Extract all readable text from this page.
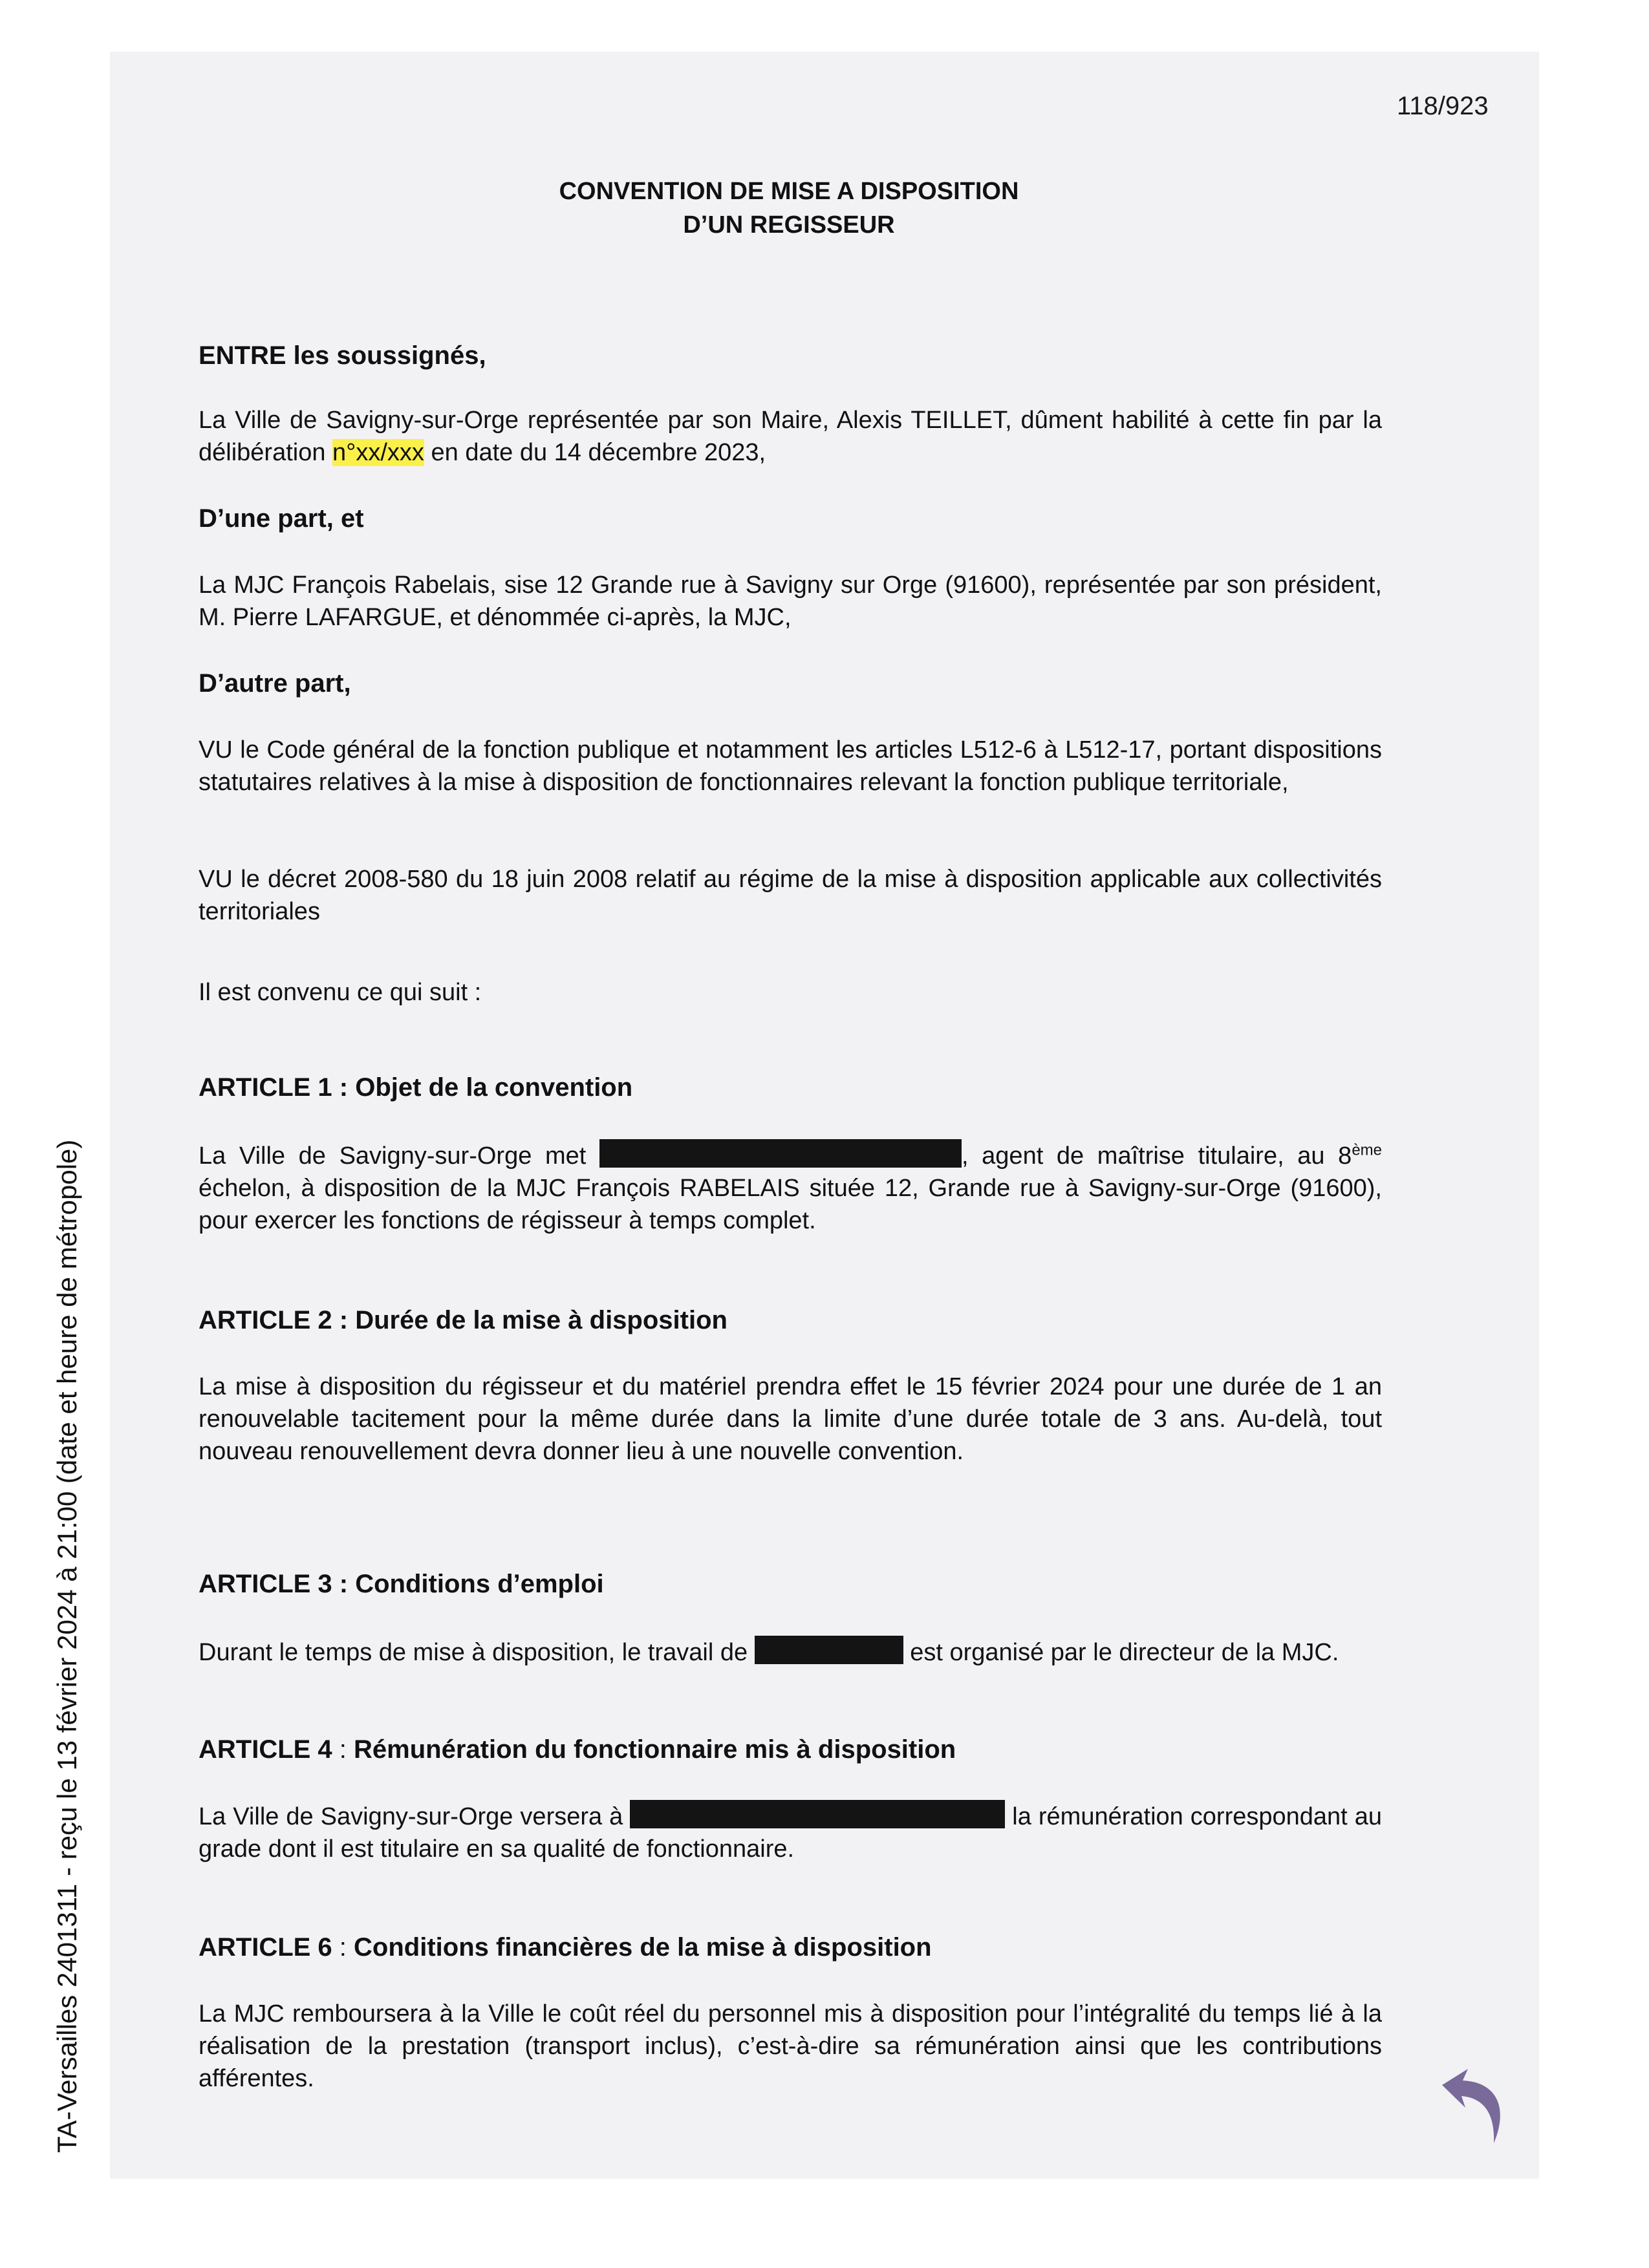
118/923
TA-Versailles 2401311 - reçu le 13 février 2024 à 21:00 (date et heure de métropole)
CONVENTION DE MISE A DISPOSITION
D’UN REGISSEUR
ENTRE les soussignés,
La Ville de Savigny-sur-Orge représentée par son Maire, Alexis TEILLET, dûment habilité à cette fin par la délibération n°xx/xxx en date du 14 décembre 2023,
D’une part, et
La MJC François Rabelais, sise 12 Grande rue à Savigny sur Orge (91600), représentée par son président, M. Pierre LAFARGUE, et dénommée ci-après, la MJC,
D’autre part,
VU le Code général de la fonction publique et notamment les articles L512-6 à L512-17, portant dispositions statutaires relatives à la mise à disposition de fonctionnaires relevant la fonction publique territoriale,
VU le décret 2008-580 du 18 juin 2008 relatif au régime de la mise à disposition applicable aux collectivités territoriales
Il est convenu ce qui suit :
ARTICLE 1 : Objet de la convention
La Ville de Savigny-sur-Orge met	, agent de maîtrise titulaire, au 8ème échelon, à disposition de la MJC François RABELAIS située 12, Grande rue à Savigny-sur-Orge (91600), pour exercer les fonctions de régisseur à temps complet.
ARTICLE 2 : Durée de la mise à disposition
La mise à disposition du régisseur et du matériel prendra effet le 15 février 2024 pour une durée de 1 an renouvelable tacitement pour la même durée dans la limite d’une durée totale de 3 ans. Au-delà, tout nouveau renouvellement devra donner lieu à une nouvelle convention.
ARTICLE 3 : Conditions d’emploi
Durant le temps de mise à disposition, le travail de	est organisé par le directeur de la MJC.
ARTICLE 4 : Rémunération du fonctionnaire mis à disposition
La Ville de Savigny-sur-Orge versera à	la rémunération correspondant au grade dont il est titulaire en sa qualité de fonctionnaire.
ARTICLE 6 : Conditions financières de la mise à disposition
La MJC remboursera à la Ville le coût réel du personnel mis à disposition pour l’intégralité du temps lié à la réalisation de la prestation (transport inclus), c’est-à-dire sa rémunération ainsi que les contributions afférentes.
